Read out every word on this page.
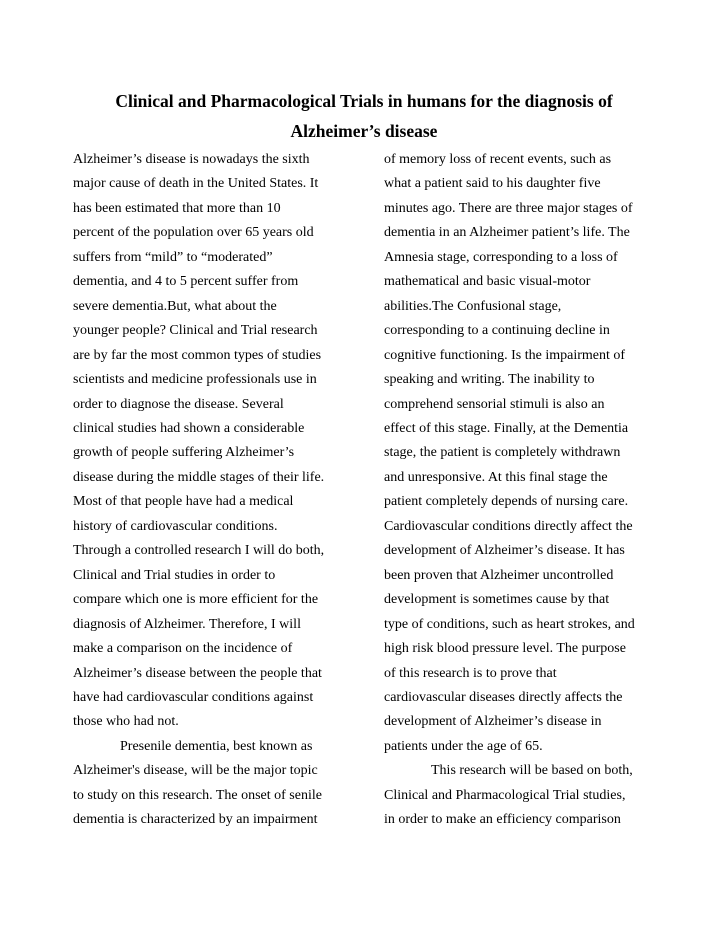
Clinical and Pharmacological Trials in humans for the diagnosis of
Alzheimer’s disease
Alzheimer’s disease is nowadays the sixth
major cause of death in the United States. It
has been estimated that more than 10
percent of the population over 65 years old
suffers from “mild” to “moderated”
dementia, and 4 to 5 percent suffer from
severe dementia.But, what about the
younger people? Clinical and Trial research
are by far the most common types of studies
scientists and medicine professionals use in
order to diagnose the disease. Several
clinical studies had shown a considerable
growth of people suffering Alzheimer’s
disease during the middle stages of their life.
Most of that people have had a medical
history of cardiovascular conditions.
Through a controlled research I will do both,
Clinical and Trial studies in order to
compare which one is more efficient for the
diagnosis of Alzheimer. Therefore, I will
make a comparison on the incidence of
Alzheimer’s disease between the people that
have had cardiovascular conditions against
those who had not.
Presenile dementia, best known as
Alzheimer's disease, will be the major topic
to study on this research. The onset of senile
dementia is characterized by an impairment
of memory loss of recent events, such as
what a patient said to his daughter five
minutes ago. There are three major stages of
dementia in an Alzheimer patient’s life. The
Amnesia stage, corresponding to a loss of
mathematical and basic visual-motor
abilities.The Confusional stage,
corresponding to a continuing decline in
cognitive functioning. Is the impairment of
speaking and writing. The inability to
comprehend sensorial stimuli is also an
effect of this stage. Finally, at the Dementia
stage, the patient is completely withdrawn
and unresponsive. At this final stage the
patient completely depends of nursing care.
Cardiovascular conditions directly affect the
development of Alzheimer’s disease. It has
been proven that Alzheimer uncontrolled
development is sometimes cause by that
type of conditions, such as heart strokes, and
high risk blood pressure level. The purpose
of this research is to prove that
cardiovascular diseases directly affects the
development of Alzheimer’s disease in
patients under the age of 65.
This research will be based on both,
Clinical and Pharmacological Trial studies,
in order to make an efficiency comparison
